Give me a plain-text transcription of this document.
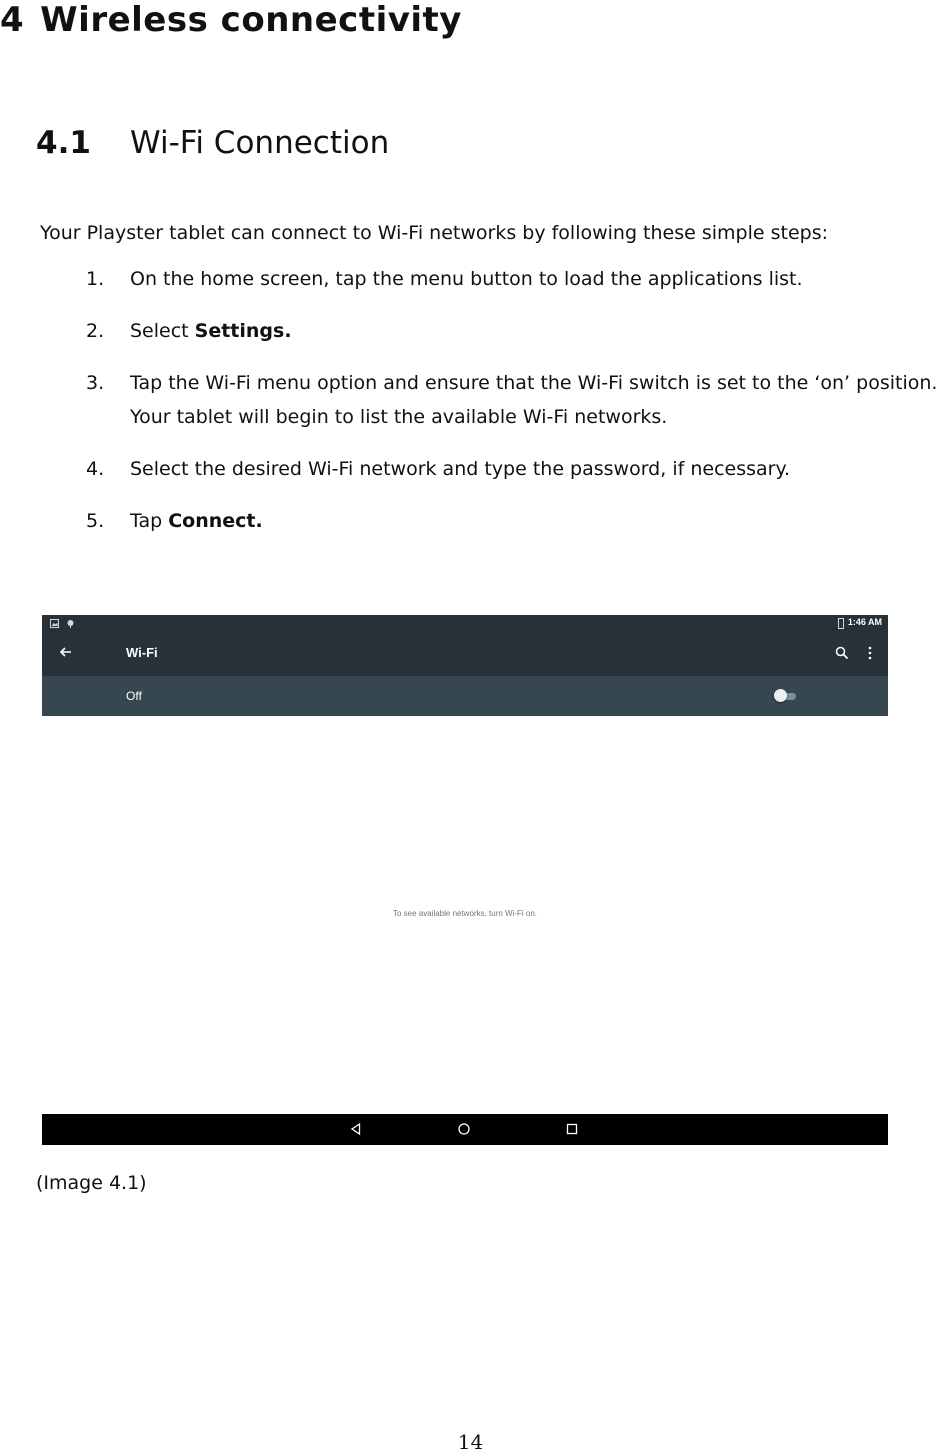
4 Wireless connectivity
4.1 Wi-Fi Connection
Your Playster tablet can connect to Wi-Fi networks by following these simple steps:
1. On the home screen, tap the menu button to load the applications list.
2. Select Settings.
3. Tap the Wi-Fi menu option and ensure that the Wi-Fi switch is set to the ‘on’ position. Your tablet will begin to list the available Wi-Fi networks.
4. Select the desired Wi-Fi network and type the password, if necessary.
5. Tap Connect.
1:46 AM
Wi-Fi
Off
To see available networks, turn Wi-Fi on.
(Image 4.1)
14
